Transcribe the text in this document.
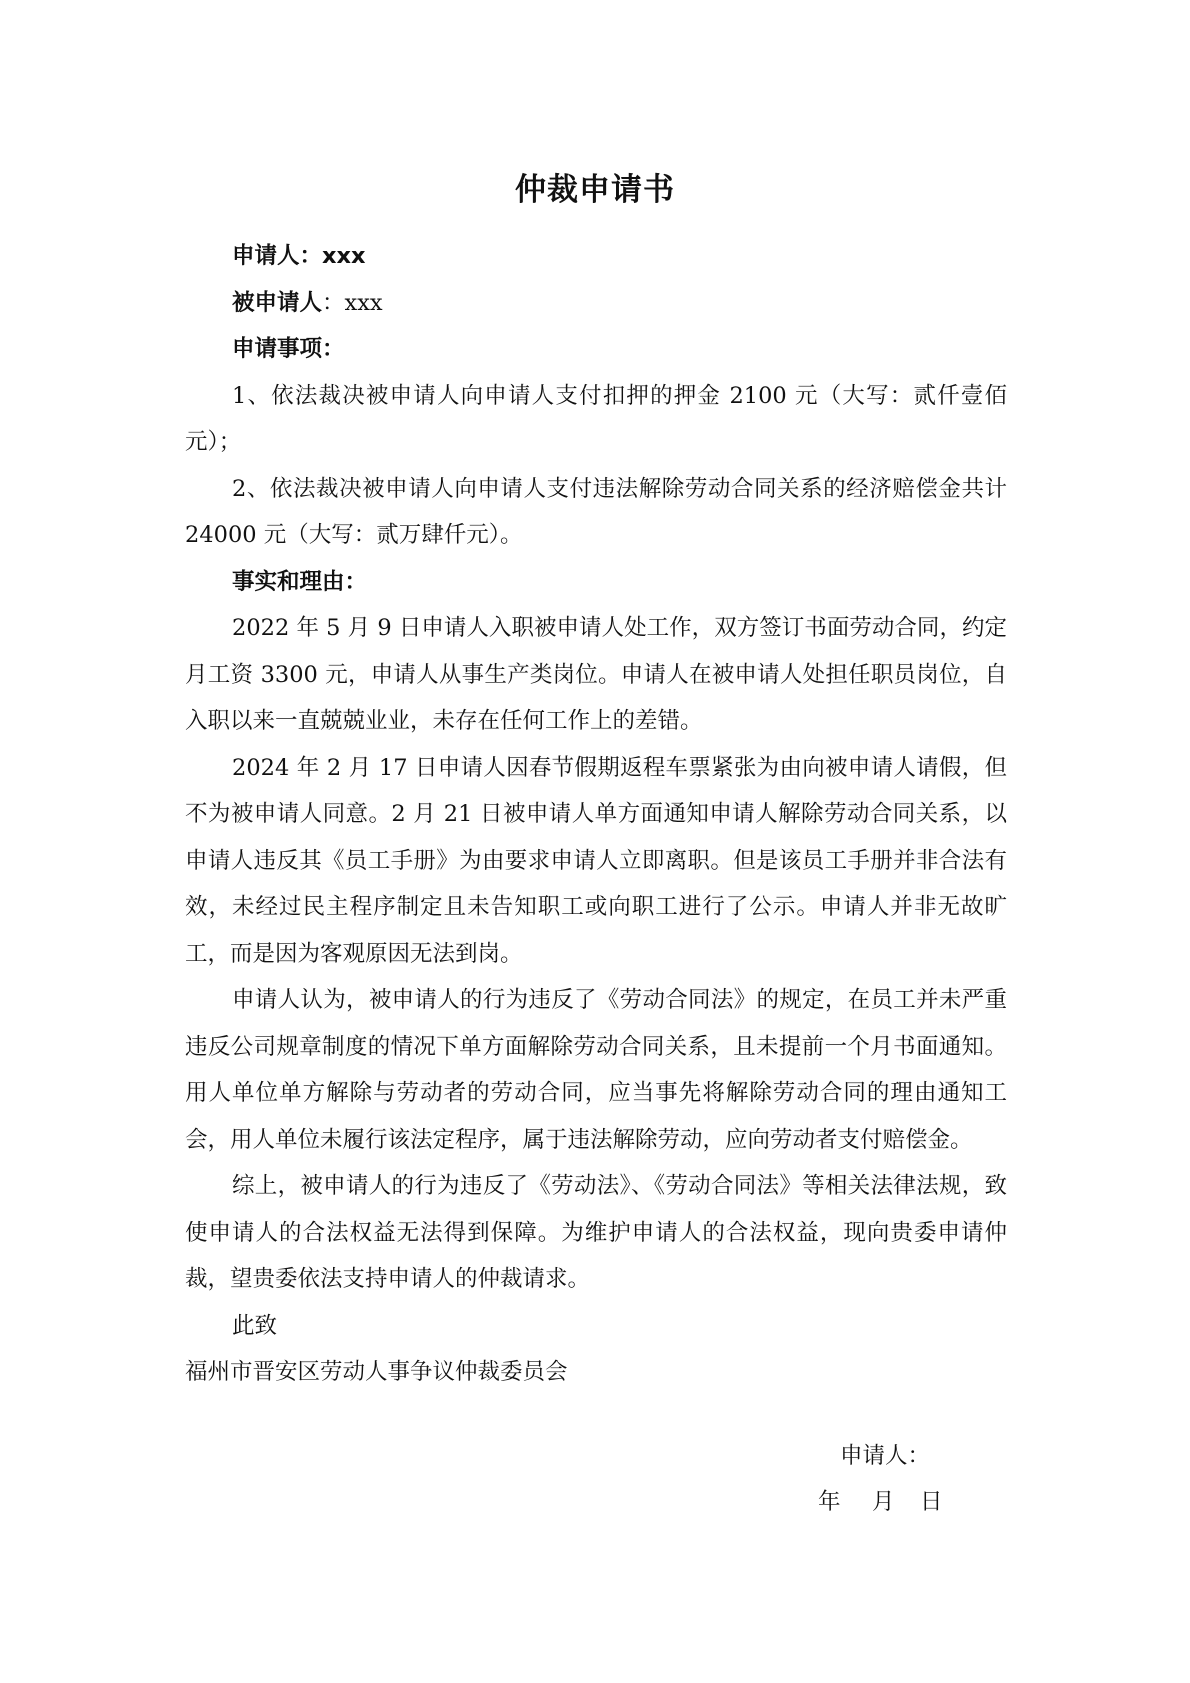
仲裁申请书

申请人：xxx

被申请人：xxx

申请事项：

1、依法裁决被申请人向申请人支付扣押的押金 2100 元（大写：贰仟壹佰元）；

2、依法裁决被申请人向申请人支付违法解除劳动合同关系的经济赔偿金共计 24000 元（大写：贰万肆仟元）。

事实和理由：

2022 年 5 月 9 日申请人入职被申请人处工作，双方签订书面劳动合同，约定月工资 3300 元，申请人从事生产类岗位。申请人在被申请人处担任职员岗位，自入职以来一直兢兢业业，未存在任何工作上的差错。

2024 年 2 月 17 日申请人因春节假期返程车票紧张为由向被申请人请假，但不为被申请人同意。2 月 21 日被申请人单方面通知申请人解除劳动合同关系，以申请人违反其《员工手册》为由要求申请人立即离职。但是该员工手册并非合法有效，未经过民主程序制定且未告知职工或向职工进行了公示。申请人并非无故旷工，而是因为客观原因无法到岗。

申请人认为，被申请人的行为违反了《劳动合同法》的规定，在员工并未严重违反公司规章制度的情况下单方面解除劳动合同关系，且未提前一个月书面通知。用人单位单方解除与劳动者的劳动合同，应当事先将解除劳动合同的理由通知工会，用人单位未履行该法定程序，属于违法解除劳动，应向劳动者支付赔偿金。

综上，被申请人的行为违反了《劳动法》、《劳动合同法》等相关法律法规，致使申请人的合法权益无法得到保障。为维护申请人的合法权益，现向贵委申请仲裁，望贵委依法支持申请人的仲裁请求。

此致

福州市晋安区劳动人事争议仲裁委员会

申请人：
年 月 日
